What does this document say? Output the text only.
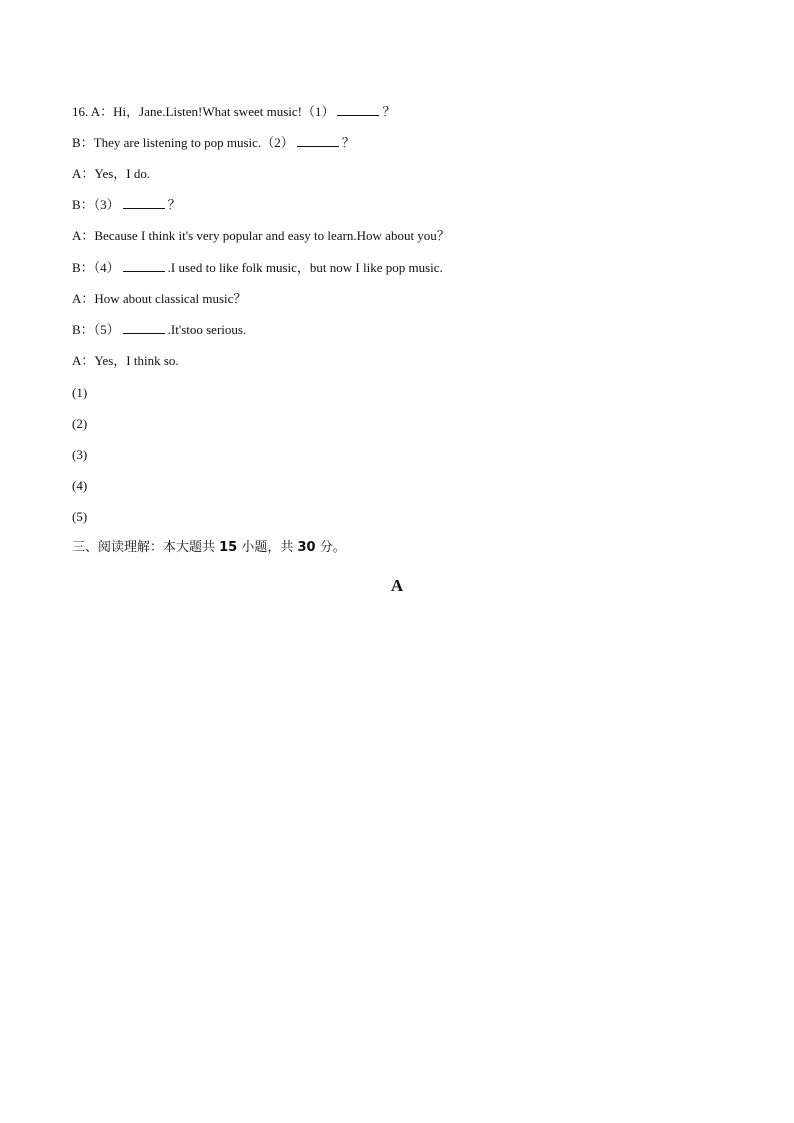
16. A：Hi，Jane.Listen!What sweet music!（1）	？
B：They are listening to pop music.（2）	？
A：Yes，I do.
B：（3）	？
A：Because I think it's very popular and easy to learn.How about you？
B：（4）	.I used to like folk music，but now I like pop music.
A：How about classical music？
B：（5）	.It'stoo serious.
A：Yes，I think so.
(1)
(2)
(3)
(4)
(5)
三、阅读理解：本大题共 15 小题，共 30 分。
A
